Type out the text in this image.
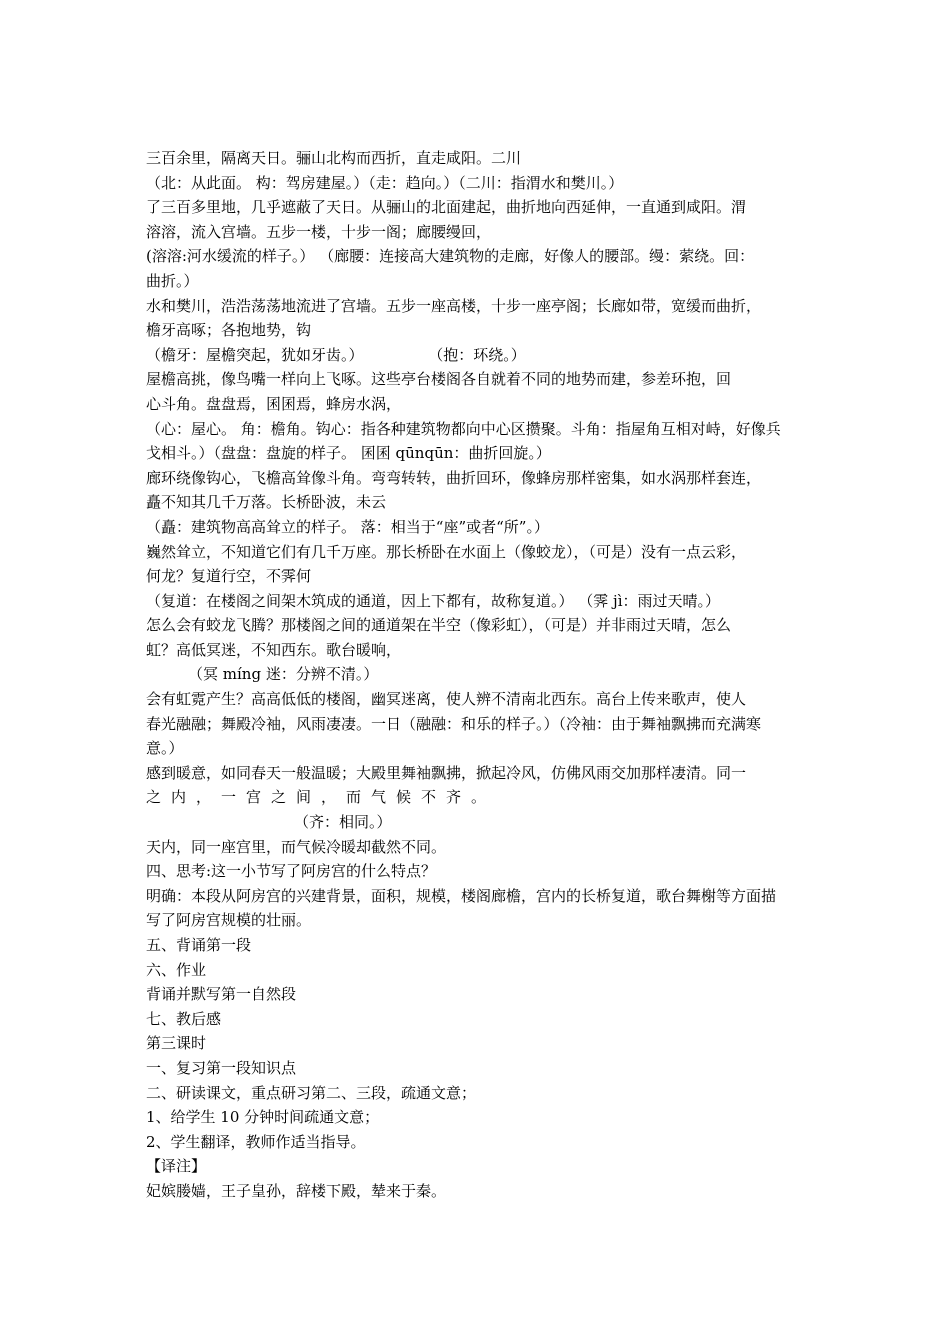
三百余里，隔离天日。骊山北构而西折，直走咸阳。二川
（北：从此面。 构：驾房建屋。）（走：趋向。）（二川：指渭水和樊川。）
了三百多里地，几乎遮蔽了天日。从骊山的北面建起，曲折地向西延伸，一直通到咸阳。渭
溶溶，流入宫墙。五步一楼，十步一阁；廊腰缦回，
(溶溶:河水缓流的样子。） （廊腰：连接高大建筑物的走廊，好像人的腰部。缦：萦绕。回：
曲折。）
水和樊川，浩浩荡荡地流进了宫墙。五步一座高楼，十步一座亭阁；长廊如带，宽缓而曲折，
檐牙高啄；各抱地势，钩
（檐牙：屋檐突起，犹如牙齿。） （抱：环绕。）
屋檐高挑，像鸟嘴一样向上飞啄。这些亭台楼阁各自就着不同的地势而建，参差环抱，回
心斗角。盘盘焉，囷囷焉，蜂房水涡，
（心：屋心。 角：檐角。钩心：指各种建筑物都向中心区攒聚。斗角：指屋角互相对峙，好像兵
戈相斗。）（盘盘：盘旋的样子。 囷囷 qūnqūn：曲折回旋。）
廊环绕像钩心，飞檐高耸像斗角。弯弯转转，曲折回环，像蜂房那样密集，如水涡那样套连，
矗不知其几千万落。长桥卧波，未云
（矗：建筑物高高耸立的样子。 落：相当于“座”或者“所”。）
巍然耸立，不知道它们有几千万座。那长桥卧在水面上（像蛟龙），（可是）没有一点云彩，
何龙？复道行空，不霁何
（复道：在楼阁之间架木筑成的通道，因上下都有，故称复道。） （霁 jì：雨过天晴。）
怎么会有蛟龙飞腾？那楼阁之间的通道架在半空（像彩虹），（可是）并非雨过天晴，怎么
虹？高低冥迷，不知西东。歌台暖响，
（冥 míng 迷：分辨不清。）
会有虹霓产生？高高低低的楼阁，幽冥迷离，使人辨不清南北西东。高台上传来歌声，使人
春光融融；舞殿冷袖，风雨凄凄。一日（融融：和乐的样子。）（冷袖：由于舞袖飘拂而充满寒
意。）
感到暖意，如同春天一般温暖；大殿里舞袖飘拂，掀起冷风，仿佛风雨交加那样凄清。同一
之内，一宫之间，而气候不齐。
（齐：相同。）
天内，同一座宫里，而气候冷暖却截然不同。
四、思考:这一小节写了阿房宫的什么特点？
明确：本段从阿房宫的兴建背景，面积，规模，楼阁廊檐，宫内的长桥复道，歌台舞榭等方面描
写了阿房宫规模的壮丽。
五、背诵第一段
六、作业
背诵并默写第一自然段
七、教后感
第三课时
一、复习第一段知识点
二、研读课文，重点研习第二、三段，疏通文意；
1、给学生 10 分钟时间疏通文意；
2、学生翻译，教师作适当指导。
【译注】
妃嫔媵嫱，王子皇孙，辞楼下殿，辇来于秦。
